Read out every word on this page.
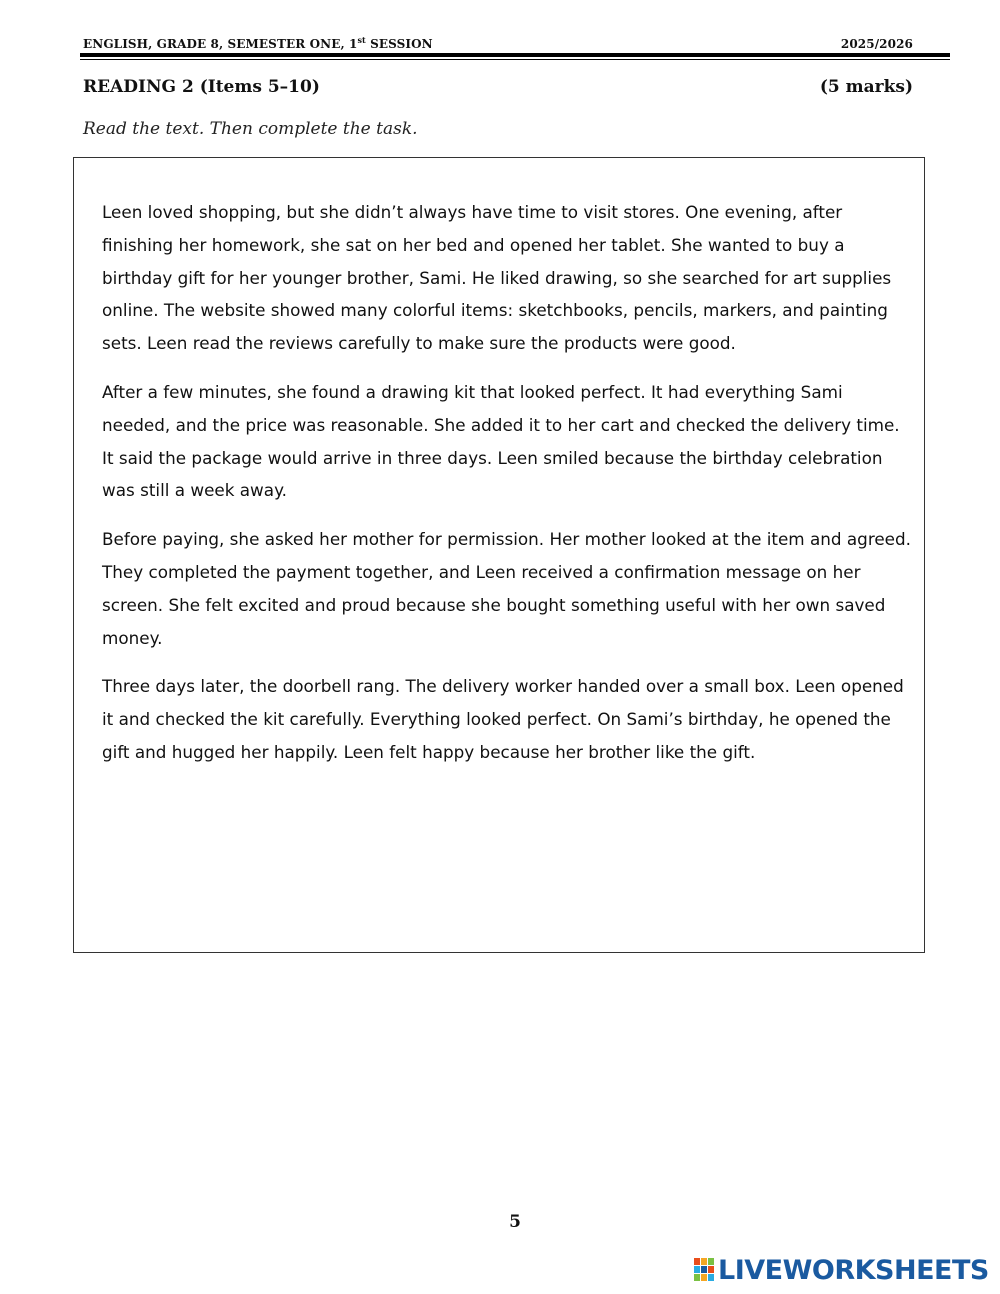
ENGLISH, GRADE 8, SEMESTER ONE, 1st SESSION	2025/2026
READING 2 (Items 5–10)	(5 marks)
Read the text. Then complete the task.

Leen loved shopping, but she didn’t always have time to visit stores. One evening, after finishing her homework, she sat on her bed and opened her tablet. She wanted to buy a birthday gift for her younger brother, Sami. He liked drawing, so she searched for art supplies online. The website showed many colorful items: sketchbooks, pencils, markers, and painting sets. Leen read the reviews carefully to make sure the products were good.

After a few minutes, she found a drawing kit that looked perfect. It had everything Sami needed, and the price was reasonable. She added it to her cart and checked the delivery time. It said the package would arrive in three days. Leen smiled because the birthday celebration was still a week away.

Before paying, she asked her mother for permission. Her mother looked at the item and agreed. They completed the payment together, and Leen received a confirmation message on her screen. She felt excited and proud because she bought something useful with her own saved money.

Three days later, the doorbell rang. The delivery worker handed over a small box. Leen opened it and checked the kit carefully. Everything looked perfect. On Sami’s birthday, he opened the gift and hugged her happily. Leen felt happy because her brother like the gift.

5
LIVEWORKSHEETS
